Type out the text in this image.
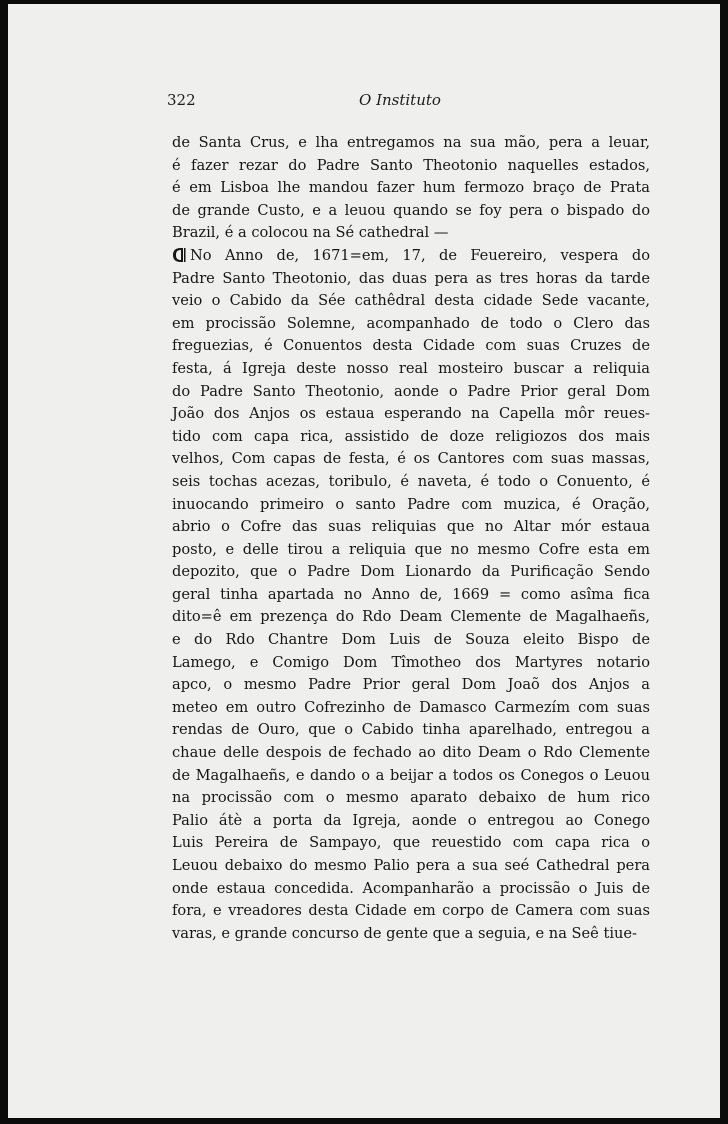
322	O Instituto
de Santa Crus, e lha entregamos na sua mão, pera a leuar,
é fazer rezar do Padre Santo Theotonio naquelles estados,
é em Lisboa lhe mandou fazer hum fermozo braço de Prata
de grande Custo, e a leuou quando se foy pera o bispado do
Brazil, é a colocou na Sé cathedral —
No Anno de, 1671=em, 17, de Feuereiro, vespera do
Padre Santo Theotonio, das duas pera as tres horas da tarde
veio o Cabido da Sée cathêdral desta cidade Sede vacante,
em procissão Solemne, acompanhado de todo o Clero das
freguezias, é Conuentos desta Cidade com suas Cruzes de
festa, á Igreja deste nosso real mosteiro buscar a reliquia
do Padre Santo Theotonio, aonde o Padre Prior geral Dom
João dos Anjos os estaua esperando na Capella môr reues-
tido com capa rica, assistido de doze religiozos dos mais
velhos, Com capas de festa, é os Cantores com suas massas,
seis tochas acezas, toribulo, é naveta, é todo o Conuento, é
inuocando primeiro o santo Padre com muzica, é Oração,
abrio o Cofre das suas reliquias que no Altar mór estaua
posto, e delle tirou a reliquia que no mesmo Cofre esta em
depozito, que o Padre Dom Lionardo da Purificação Sendo
geral tinha apartada no Anno de, 1669 = como asîma fica
dito=ê em prezença do Rdo Deam Clemente de Magalhaeñs,
e do Rdo Chantre Dom Luis de Souza eleito Bispo de
Lamego, e Comigo Dom Tîmotheo dos Martyres notario
apco, o mesmo Padre Prior geral Dom Joaõ dos Anjos a
meteo em outro Cofrezinho de Damasco Carmezím com suas
rendas de Ouro, que o Cabido tinha aparelhado, entregou a
chaue delle despois de fechado ao dito Deam o Rdo Clemente
de Magalhaeñs, e dando o a beijar a todos os Conegos o Leuou
na procissão com o mesmo aparato debaixo de hum rico
Palio átè a porta da Igreja, aonde o entregou ao Conego
Luis Pereira de Sampayo, que reuestido com capa rica o
Leuou debaixo do mesmo Palio pera a sua seé Cathedral pera
onde estaua concedida. Acompanharão a procissão o Juis de
fora, e vreadores desta Cidade em corpo de Camera com suas
varas, e grande concurso de gente que a seguia, e na Seê tiue-
